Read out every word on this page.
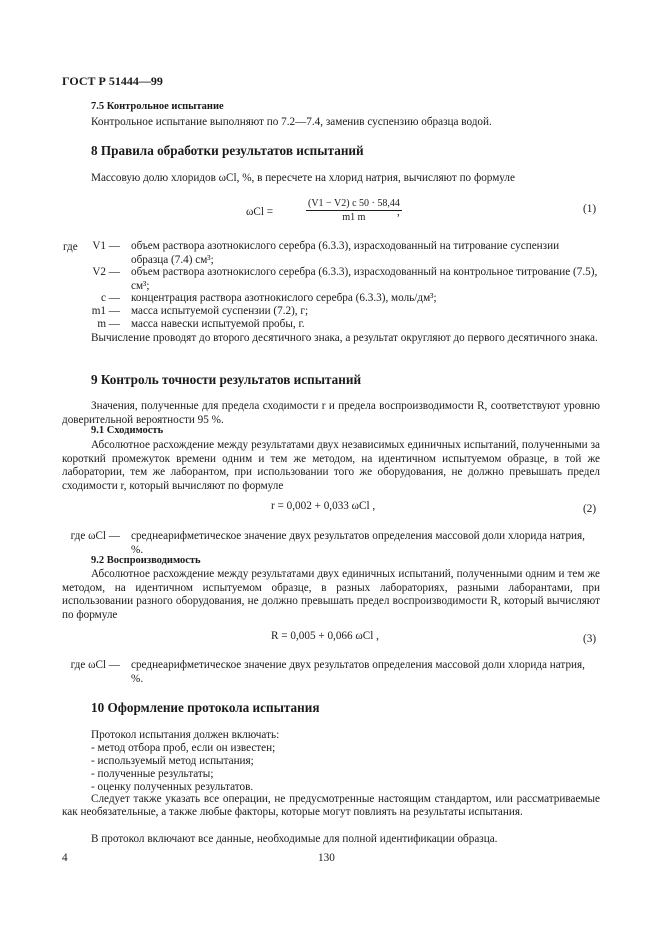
ГОСТ Р 51444—99
7.5 Контрольное испытание
Контрольное испытание выполняют по 7.2—7.4, заменив суспензию образца водой.
8 Правила обработки результатов испытаний
Массовую долю хлоридов ωCl, %, в пересчете на хлорид натрия, вычисляют по формуле
ωCl =	$\frac{(V1 - V2) c 50 \cdot 58,44}{m1 m}$
,	(1)
где	V1 — объем раствора азотнокислого серебра (6.3.3), израсходованный на титрование суспензии образца (7.4) см³;
V2 — объем раствора азотнокислого серебра (6.3.3), израсходованный на контрольное титрование (7.5), см³;
c — концентрация раствора азотнокислого серебра (6.3.3), моль/дм³;
m1 — масса испытуемой суспензии (7.2), г;
m — масса навески испытуемой пробы, г.
Вычисление проводят до второго десятичного знака, а результат округляют до первого десятичного знака.
9 Контроль точности результатов испытаний
Значения, полученные для предела сходимости r и предела воспроизводимости R, соответствуют уровню доверительной вероятности 95 %.
9.1 Сходимость
Абсолютное расхождение между результатами двух независимых единичных испытаний, полученными за короткий промежуток времени одним и тем же методом, на идентичном испытуемом образце, в той же лаборатории, тем же лаборантом, при использовании того же оборудования, не должно превышать предел сходимости r, который вычисляют по формуле
r = 0,002 + 0,033 ωCl ,	(2)
где ωCl — среднеарифметическое значение двух результатов определения массовой доли хлорида натрия, %.
9.2 Воспроизводимость
Абсолютное расхождение между результатами двух единичных испытаний, полученными одним и тем же методом, на идентичном испытуемом образце, в разных лабораториях, разными лаборантами, при использовании разного оборудования, не должно превышать предел воспроизводимости R, который вычисляют по формуле
R = 0,005 + 0,066 ωCl ,	(3)
где ωCl — среднеарифметическое значение двух результатов определения массовой доли хлорида натрия, %.
10 Оформление протокола испытания
Протокол испытания должен включать:
- метод отбора проб, если он известен;
- используемый метод испытания;
- полученные результаты;
- оценку полученных результатов.
Следует также указать все операции, не предусмотренные настоящим стандартом, или рассматриваемые как необязательные, а также любые факторы, которые могут повлиять на результаты испытания.
В протокол включают все данные, необходимые для полной идентификации образца.
4	130
